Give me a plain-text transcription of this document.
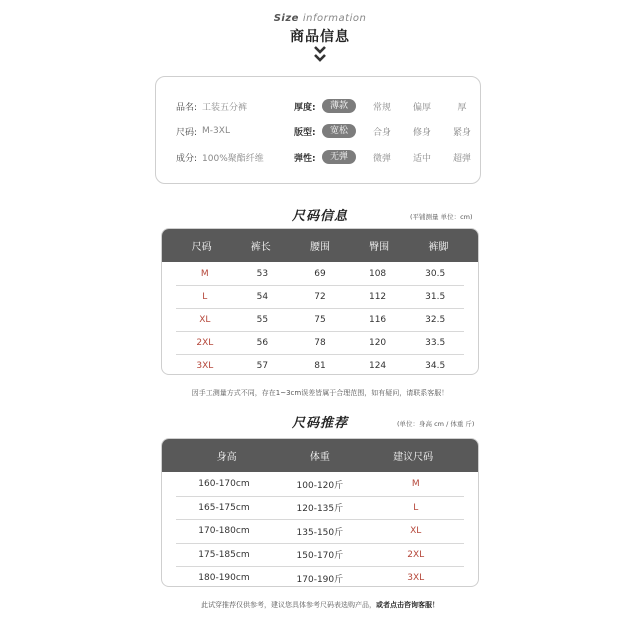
Size information
商品信息
品名: 工装五分裤
尺码: M-3XL
成分: 100%聚酯纤维
厚度:	薄款	常规	偏厚	厚
版型:	宽松	合身	修身	紧身
弹性:	无弹	微弹	适中	超弹
尺码信息	(平铺测量 单位：cm)
尺码	裤长	腰围	臀围	裤脚
M	53	69	108	30.5
L	54	72	112	31.5
XL	55	75	116	32.5
2XL	56	78	120	33.5
3XL	57	81	124	34.5
因手工测量方式不同，存在1~3cm误差皆属于合理范围，如有疑问，请联系客服！
尺码推荐	(单位：身高 cm / 体重 斤)
身高	体重	建议尺码
160-170cm	100-120斤	M
165-175cm	120-135斤	L
170-180cm	135-150斤	XL
175-185cm	150-170斤	2XL
180-190cm	170-190斤	3XL
此试穿推荐仅供参考，建议您具体参考尺码表选购产品，或者点击咨询客服！
